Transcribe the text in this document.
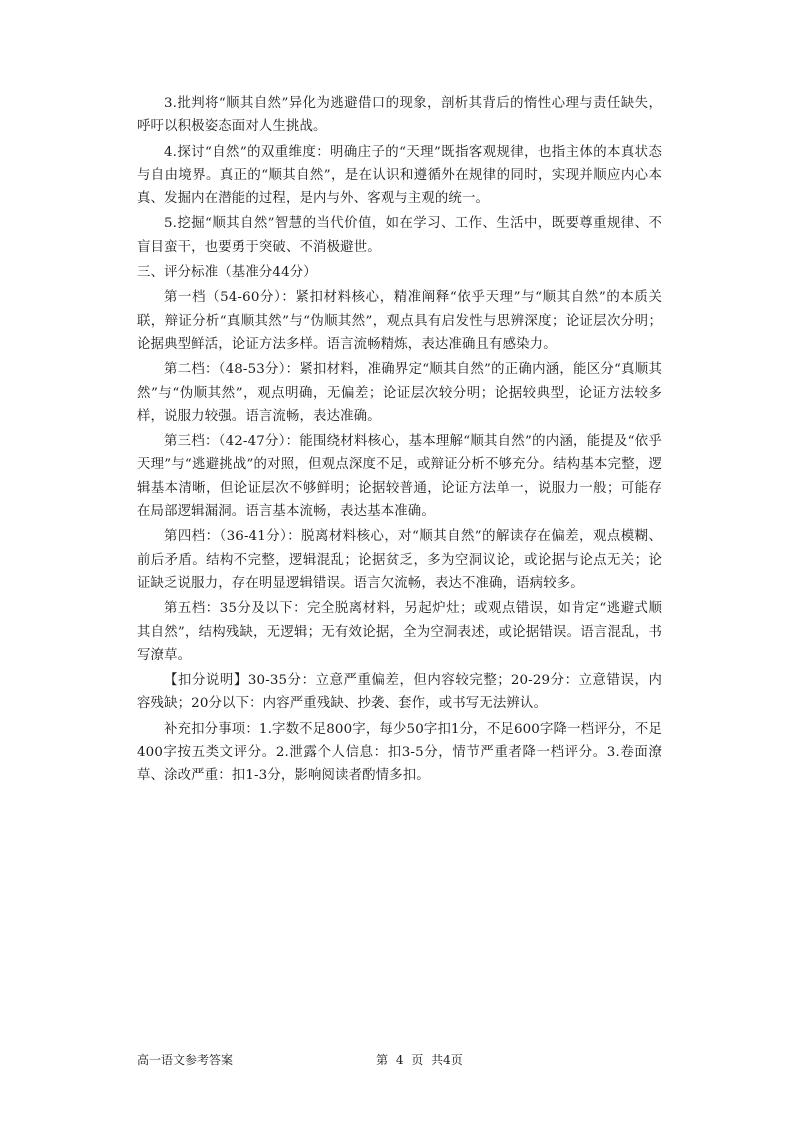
3.批判将“顺其自然”异化为逃避借口的现象，剖析其背后的惰性心理与责任缺失，呼吁以积极姿态面对人生挑战。

4.探讨“自然”的双重维度：明确庄子的“天理”既指客观规律，也指主体的本真状态与自由境界。真正的“顺其自然”，是在认识和遵循外在规律的同时，实现并顺应内心本真、发掘内在潜能的过程，是内与外、客观与主观的统一。

5.挖掘“顺其自然”智慧的当代价值，如在学习、工作、生活中，既要尊重规律、不盲目蛮干，也要勇于突破、不消极避世。

三、评分标准（基准分44分）

第一档（54-60分）：紧扣材料核心，精准阐释“依乎天理”与“顺其自然”的本质关联，辩证分析“真顺其然”与“伪顺其然”，观点具有启发性与思辨深度；论证层次分明；论据典型鲜活，论证方法多样。语言流畅精炼，表达准确且有感染力。

第二档：（48-53分）：紧扣材料，准确界定“顺其自然”的正确内涵，能区分“真顺其然”与“伪顺其然”，观点明确，无偏差；论证层次较分明；论据较典型，论证方法较多样，说服力较强。语言流畅，表达准确。

第三档：（42-47分）：能围绕材料核心，基本理解“顺其自然”的内涵，能提及“依乎天理”与“逃避挑战”的对照，但观点深度不足，或辩证分析不够充分。结构基本完整，逻辑基本清晰，但论证层次不够鲜明；论据较普通，论证方法单一，说服力一般；可能存在局部逻辑漏洞。语言基本流畅，表达基本准确。

第四档：（36-41分）：脱离材料核心，对“顺其自然”的解读存在偏差，观点模糊、前后矛盾。结构不完整，逻辑混乱；论据贫乏，多为空洞议论，或论据与论点无关；论证缺乏说服力，存在明显逻辑错误。语言欠流畅，表达不准确，语病较多。

第五档：35分及以下：完全脱离材料，另起炉灶；或观点错误，如肯定“逃避式顺其自然”，结构残缺，无逻辑；无有效论据，全为空洞表述，或论据错误。语言混乱，书写潦草。

【扣分说明】30-35分：立意严重偏差，但内容较完整；20-29分：立意错误，内容残缺；20分以下：内容严重残缺、抄袭、套作，或书写无法辨认。

补充扣分事项：1.字数不足800字，每少50字扣1分，不足600字降一档评分，不足400字按五类文评分。2.泄露个人信息：扣3-5分，情节严重者降一档评分。3.卷面潦草、涂改严重：扣1-3分，影响阅读者酌情多扣。

高一语文参考答案	第 4 页 共4页
